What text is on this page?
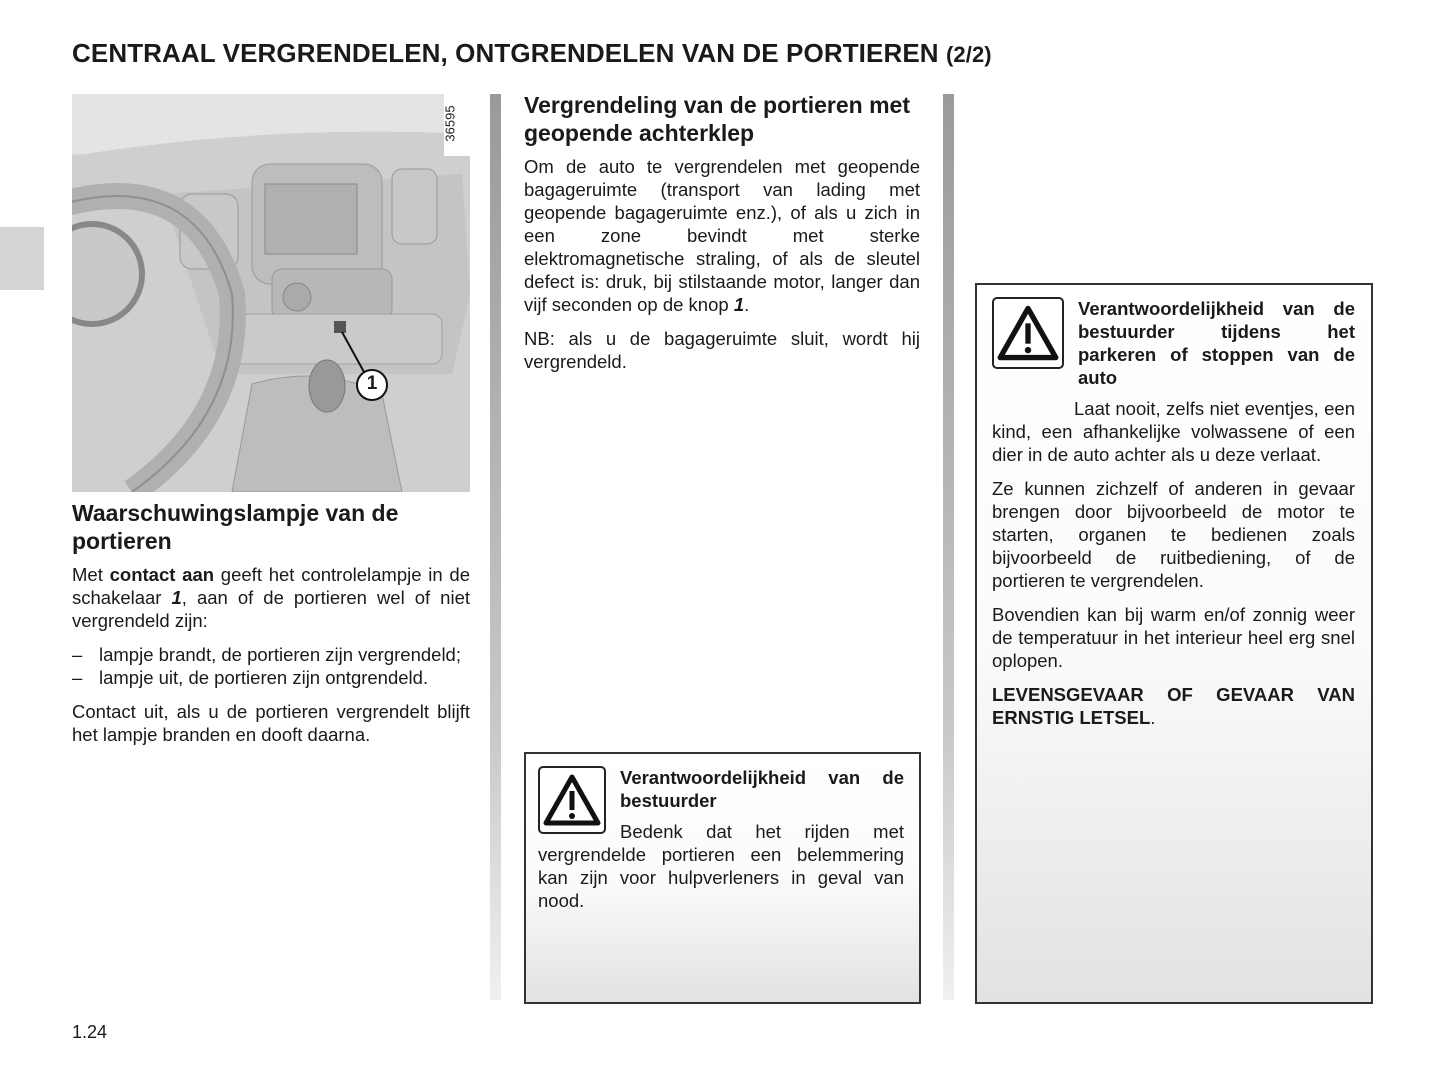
CENTRAAL VERGRENDELEN, ONTGRENDELEN VAN DE PORTIEREN (2/2)
1
36595
Waarschuwingslampje van de portieren

Met contact aan geeft het controlelampje in de schakelaar 1, aan of de portieren wel of niet vergrendeld zijn:

– lampje brandt, de portieren zijn vergrendeld;
– lampje uit, de portieren zijn ontgrendeld.

Contact uit, als u de portieren vergrendelt blijft het lampje branden en dooft daarna.

Vergrendeling van de portieren met geopende achterklep

Om de auto te vergrendelen met geopende bagageruimte (transport van lading met geopende bagageruimte enz.), of als u zich in een zone bevindt met sterke elektromagnetische straling, of als de sleutel defect is: druk, bij stilstaande motor, langer dan vijf seconden op de knop 1.

NB: als u de bagageruimte sluit, wordt hij vergrendeld.

Verantwoordelijkheid van de bestuurder

Bedenk dat het rijden met vergrendelde portieren een belemmering kan zijn voor hulpverleners in geval van nood.

Verantwoordelijkheid van de bestuurder tijdens het parkeren of stoppen van de auto

Laat nooit, zelfs niet eventjes, een kind, een afhankelijke volwassene of een dier in de auto achter als u deze verlaat.

Ze kunnen zichzelf of anderen in gevaar brengen door bijvoorbeeld de motor te starten, organen te bedienen zoals bijvoorbeeld de ruitbediening, of de portieren te vergrendelen.

Bovendien kan bij warm en/of zonnig weer de temperatuur in het interieur heel erg snel oplopen.

LEVENSGEVAAR OF GEVAAR VAN ERNSTIG LETSEL.

1.24
